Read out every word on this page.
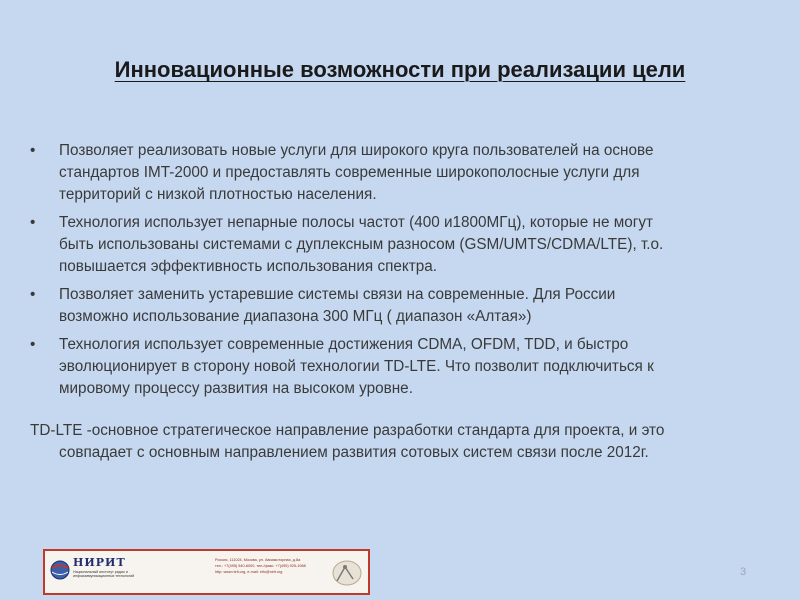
Инновационные возможности при реализации цели
• Позволяет реализовать новые услуги для широкого круга пользователей на основе
стандартов IMT-2000 и предоставлять современные широкополосные услуги для
территорий с низкой плотностью населения.
• Технология использует непарные полосы частот (400 и1800МГц), которые не могут
быть использованы системами с дуплексным разносом (GSM/UMTS/CDMA/LTE), т.о.
повышается эффективность использования спектра.
• Позволяет заменить устаревшие системы связи на современные. Для России
возможно использование диапазона 300 МГц ( диапазон «Алтая»)
• Технология использует современные достижения CDMA, OFDM, TDD, и быстро
эволюционирует в сторону новой технологии TD-LTE. Что позволит подключиться к
мировому процессу развития на высоком уровне.
TD-LTE -основное стратегическое направление разработки стандарта для проекта, и это
совпадает с основным направлением развития сотовых систем связи после 2012г.
НИРИТ
Национальный институт радио и инфокоммуникационных технологий
Россия, 111024, Москва, ул. Авиамоторная, д.8а
тел.: +7(495) 540-6000, тел./факс: +7(495) 925-1988
http: www.nirit.org, e-mail: info@nirit.org	3
